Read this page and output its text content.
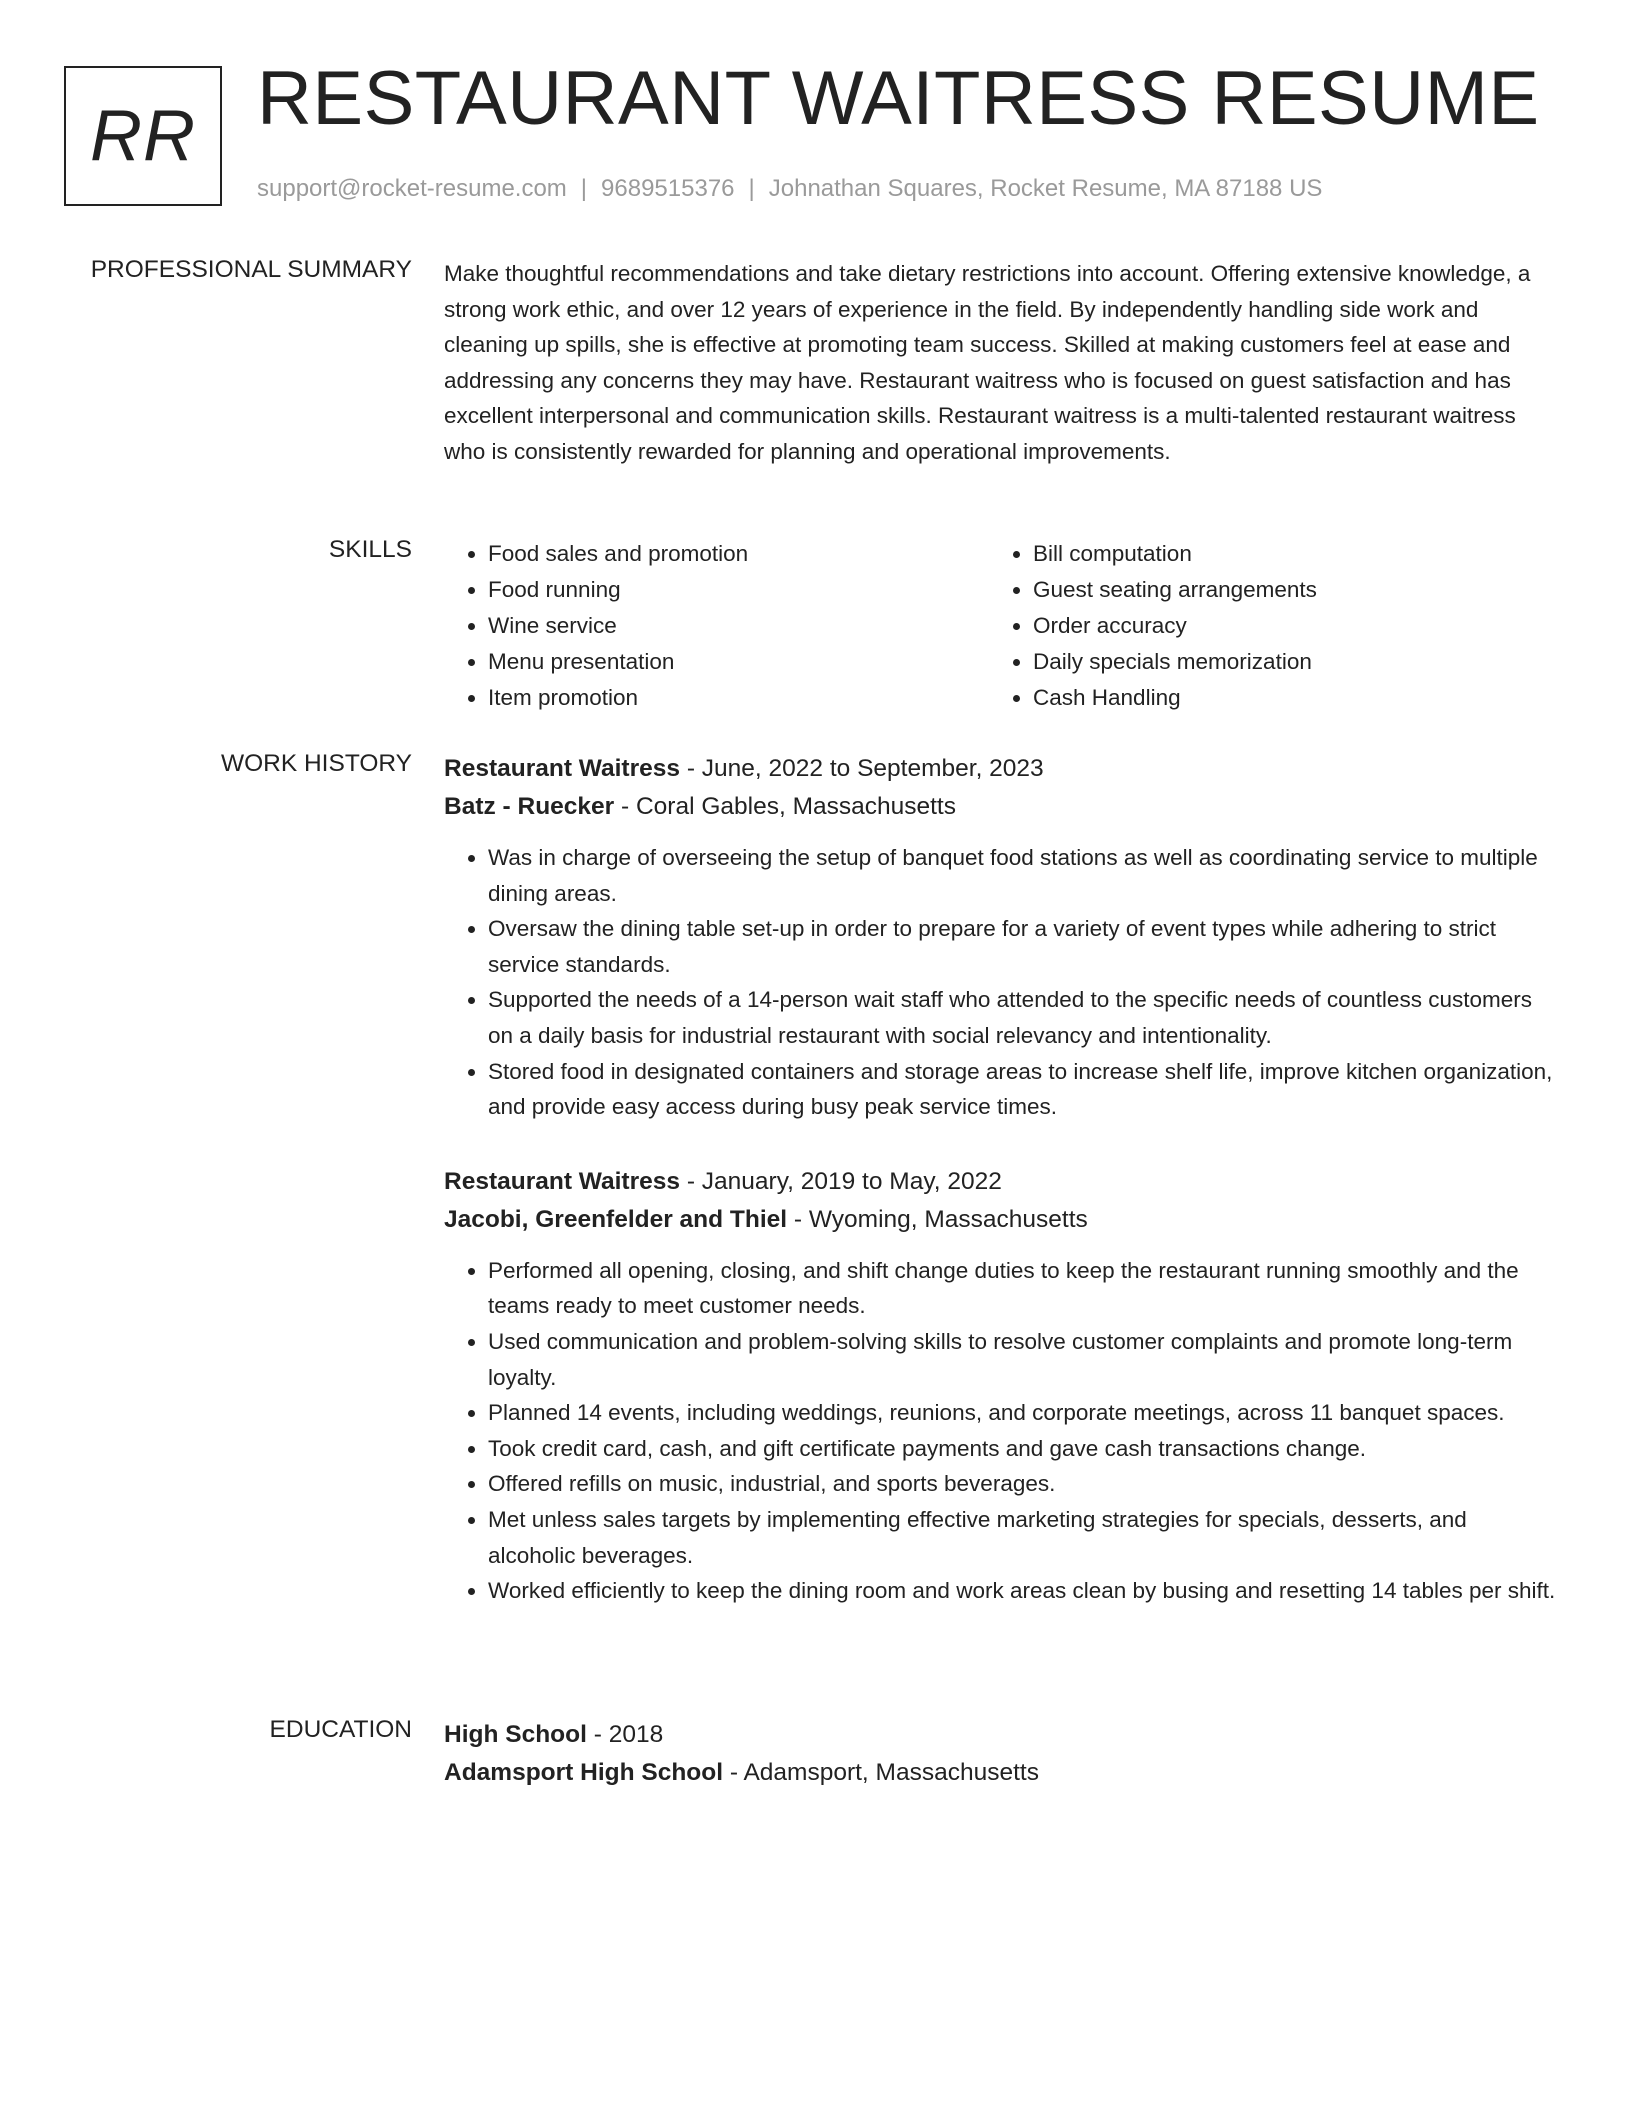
RR RESTAURANT WAITRESS RESUME
support@rocket-resume.com | 9689515376 | Johnathan Squares, Rocket Resume, MA 87188 US
PROFESSIONAL SUMMARY Make thoughtful recommendations and take dietary restrictions into account. Offering extensive knowledge, a strong work ethic, and over 12 years of experience in the field. By independently handling side work and cleaning up spills, she is effective at promoting team success. Skilled at making customers feel at ease and addressing any concerns they may have. Restaurant waitress who is focused on guest satisfaction and has excellent interpersonal and communication skills. Restaurant waitress is a multi-talented restaurant waitress who is consistently rewarded for planning and operational improvements.

SKILLS
•	Food sales and promotion
• Food running
• Wine service
• Menu presentation
• Item promotion
• Bill computation
• Guest seating arrangements
• Order accuracy
• Daily specials memorization
• Cash Handling
WORK HISTORY Restaurant Waitress - June, 2022 to September, 2023
Batz - Ruecker - Coral Gables, Massachusetts
• Was in charge of overseeing the setup of banquet food stations as well as coordinating service to multiple dining areas.
• Oversaw the dining table set-up in order to prepare for a variety of event types while adhering to strict service standards.
• Supported the needs of a 14-person wait staff who attended to the specific needs of countless customers on a daily basis for industrial restaurant with social relevancy and intentionality.
• Stored food in designated containers and storage areas to increase shelf life, improve kitchen organization, and provide easy access during busy peak service times.
Restaurant Waitress - January, 2019 to May, 2022
Jacobi, Greenfelder and Thiel - Wyoming, Massachusetts
• Performed all opening, closing, and shift change duties to keep the restaurant running smoothly and the teams ready to meet customer needs.
• Used communication and problem-solving skills to resolve customer complaints and promote long-term loyalty.
• Planned 14 events, including weddings, reunions, and corporate meetings, across 11 banquet spaces.
• Took credit card, cash, and gift certificate payments and gave cash transactions change.
• Offered refills on music, industrial, and sports beverages.
• Met unless sales targets by implementing effective marketing strategies for specials, desserts, and alcoholic beverages.
• Worked efficiently to keep the dining room and work areas clean by busing and resetting 14 tables per shift.
EDUCATION High School - 2018
Adamsport High School - Adamsport, Massachusetts
